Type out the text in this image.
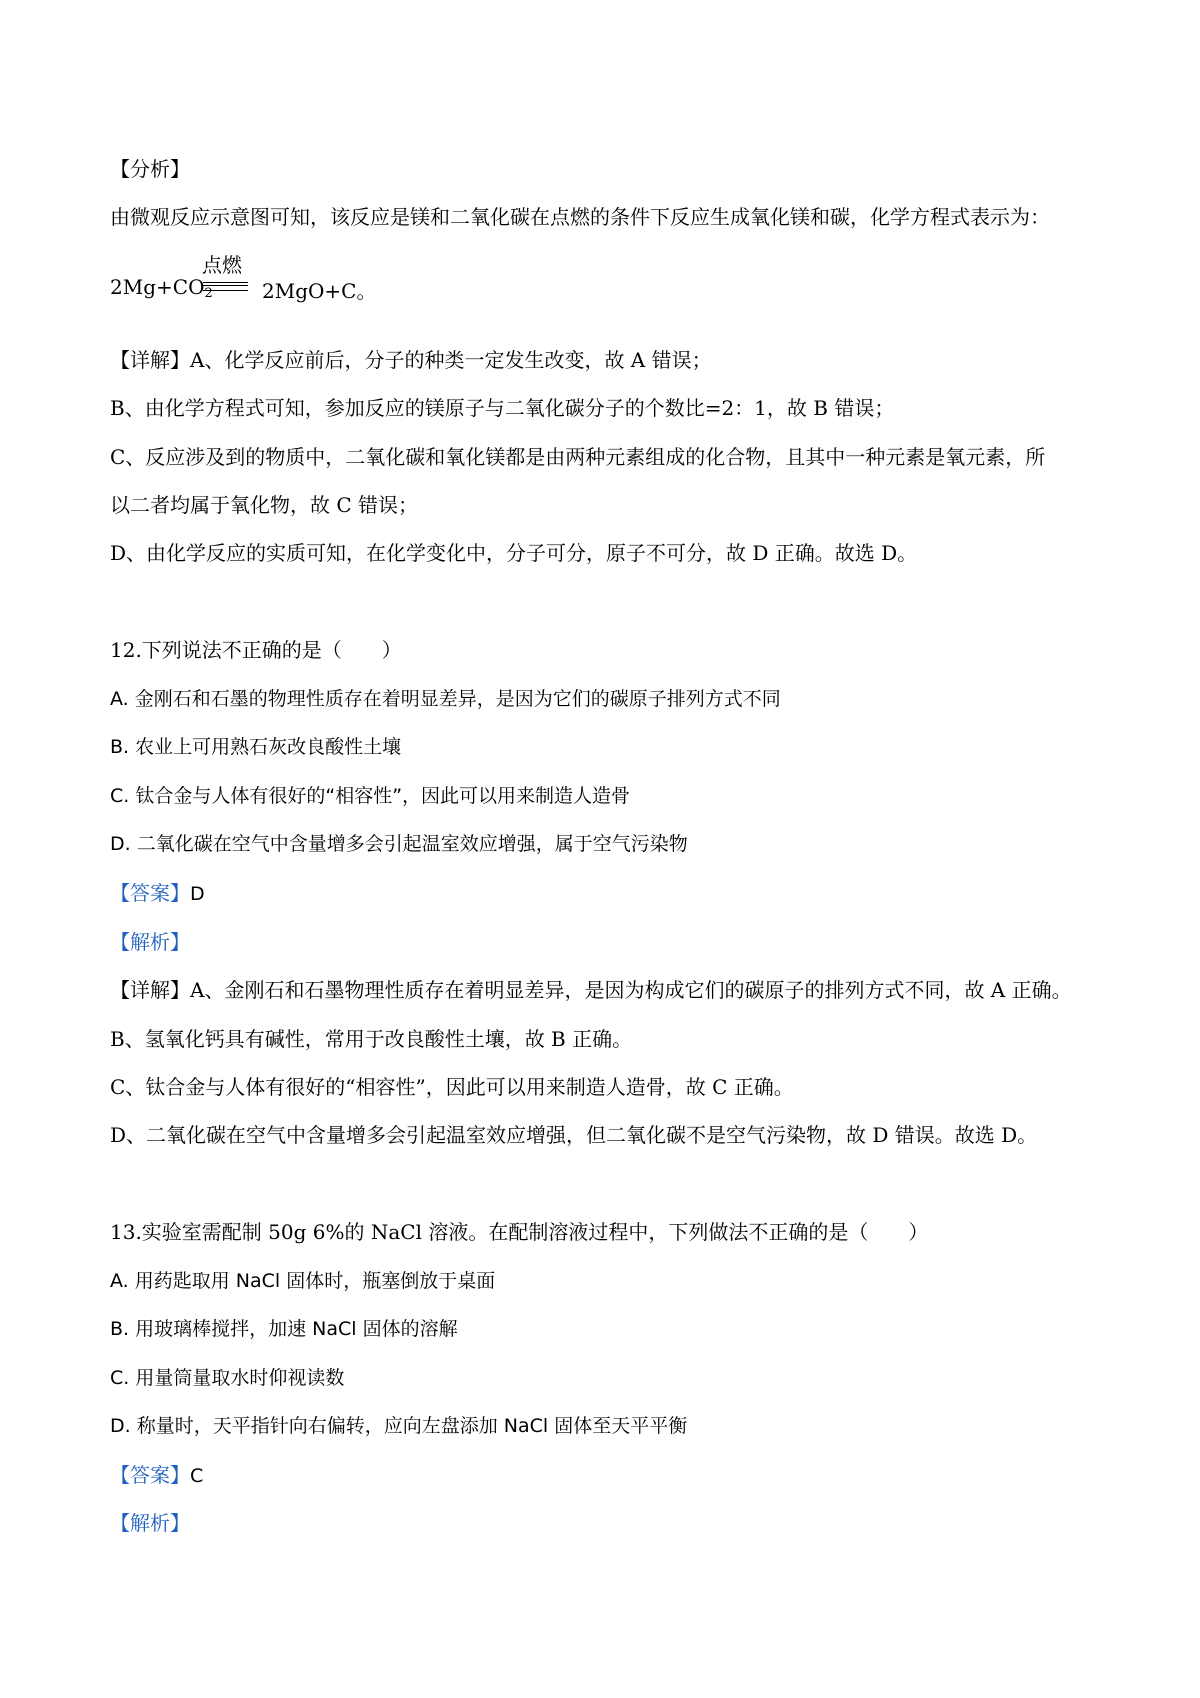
【分析】
由微观反应示意图可知，该反应是镁和二氧化碳在点燃的条件下反应生成氧化镁和碳，化学方程式表示为：
$2Mg+CO_2$
点燃
2MgO+C。
【详解】A、化学反应前后，分子的种类一定发生改变，故 A 错误；
B、由化学方程式可知，参加反应的镁原子与二氧化碳分子的个数比=2：1，故 B 错误；
C、反应涉及到的物质中，二氧化碳和氧化镁都是由两种元素组成的化合物，且其中一种元素是氧元素，所
以二者均属于氧化物，故 C 错误；
D、由化学反应的实质可知，在化学变化中，分子可分，原子不可分，故 D 正确。故选 D。
12.下列说法不正确的是（　　）
A. 金刚石和石墨的物理性质存在着明显差异，是因为它们的碳原子排列方式不同
B. 农业上可用熟石灰改良酸性土壤
C. 钛合金与人体有很好的“相容性”，因此可以用来制造人造骨
D. 二氧化碳在空气中含量增多会引起温室效应增强，属于空气污染物
【答案】D
【解析】
【详解】A、金刚石和石墨物理性质存在着明显差异，是因为构成它们的碳原子的排列方式不同，故 A 正确。
B、氢氧化钙具有碱性，常用于改良酸性土壤，故 B 正确。
C、钛合金与人体有很好的“相容性”，因此可以用来制造人造骨，故 C 正确。
D、二氧化碳在空气中含量增多会引起温室效应增强，但二氧化碳不是空气污染物，故 D 错误。故选 D。
13.实验室需配制 50g 6%的 NaCl 溶液。在配制溶液过程中，下列做法不正确的是（　　）
A. 用药匙取用 NaCl 固体时，瓶塞倒放于桌面
B. 用玻璃棒搅拌，加速 NaCl 固体的溶解
C. 用量筒量取水时仰视读数
D. 称量时，天平指针向右偏转，应向左盘添加 NaCl 固体至天平平衡
【答案】C
【解析】
